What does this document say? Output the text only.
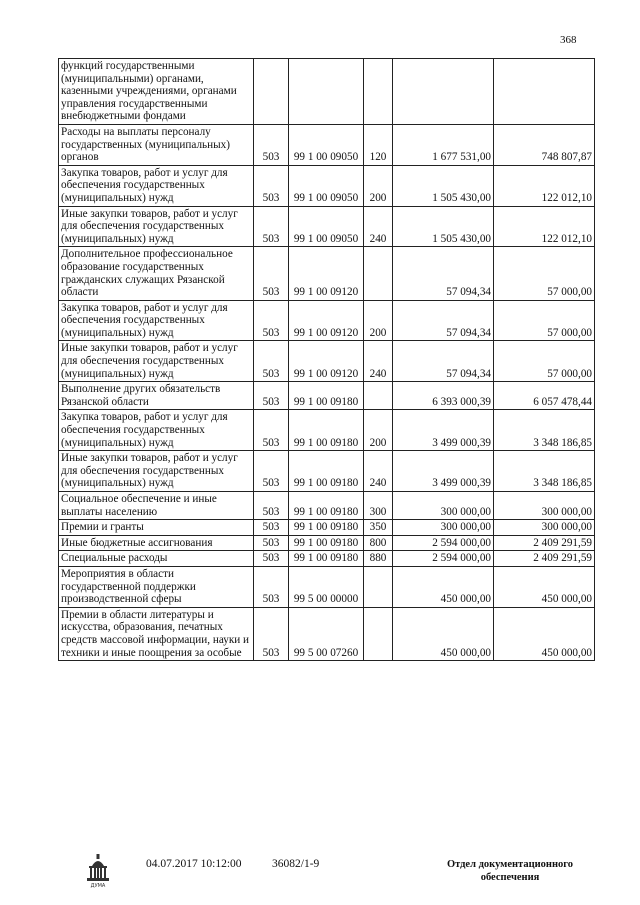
368
функций государственными (муниципальными) органами, казенными учреждениями, органами управления государственными внебюджетными фондами					
Расходы на выплаты персоналу государственных (муниципальных) органов	503	99 1 00 09050	120	1 677 531,00	748 807,87
Закупка товаров, работ и услуг для обеспечения государственных (муниципальных) нужд	503	99 1 00 09050	200	1 505 430,00	122 012,10
Иные закупки товаров, работ и услуг для обеспечения государственных (муниципальных) нужд	503	99 1 00 09050	240	1 505 430,00	122 012,10
Дополнительное профессиональное образование государственных гражданских служащих Рязанской области	503	99 1 00 09120		57 094,34	57 000,00
Закупка товаров, работ и услуг для обеспечения государственных (муниципальных) нужд	503	99 1 00 09120	200	57 094,34	57 000,00
Иные закупки товаров, работ и услуг для обеспечения государственных (муниципальных) нужд	503	99 1 00 09120	240	57 094,34	57 000,00
Выполнение других обязательств Рязанской области	503	99 1 00 09180		6 393 000,39	6 057 478,44
Закупка товаров, работ и услуг для обеспечения государственных (муниципальных) нужд	503	99 1 00 09180	200	3 499 000,39	3 348 186,85
Иные закупки товаров, работ и услуг для обеспечения государственных (муниципальных) нужд	503	99 1 00 09180	240	3 499 000,39	3 348 186,85
Социальное обеспечение и иные выплаты населению	503	99 1 00 09180	300	300 000,00	300 000,00
Премии и гранты	503	99 1 00 09180	350	300 000,00	300 000,00
Иные бюджетные ассигнования	503	99 1 00 09180	800	2 594 000,00	2 409 291,59
Специальные расходы	503	99 1 00 09180	880	2 594 000,00	2 409 291,59
Мероприятия в области государственной поддержки производственной сферы	503	99 5 00 00000		450 000,00	450 000,00
Премии в области литературы и искусства, образования, печатных средств массовой информации, науки и техники и иные поощрения за особые	503	99 5 00 07260		450 000,00	450 000,00
ДУМА
04.07.2017 10:12:00	36082/1-9	Отдел документационного
обеспечения
